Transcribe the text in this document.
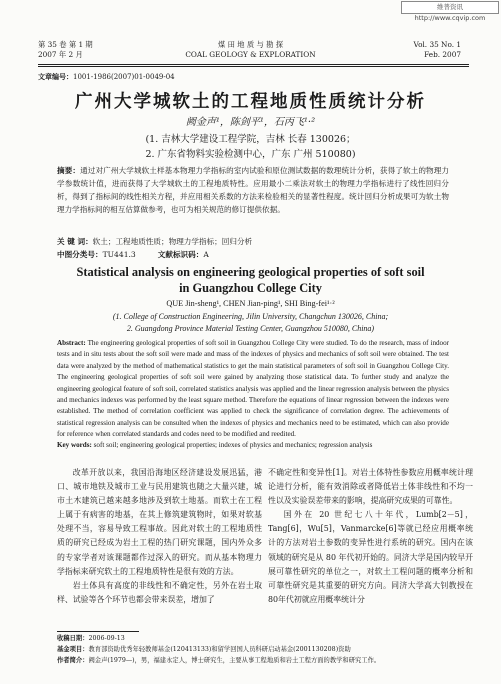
维普资讯 http://www.cqvip.com
第 35 卷 第 1 期
2007 年 2 月
煤 田 地 质 与 勘 探
COAL GEOLOGY & EXPLORATION
Vol. 35 No. 1
Feb. 2007
文章编号：1001-1986(2007)01-0049-04
广州大学城软土的工程地质性质统计分析
阙金声¹，陈剑平¹，石丙飞¹·²
(1. 吉林大学建设工程学院，吉林 长春 130026；
2. 广东省物料实验检测中心，广东 广州 510080)
摘要：通过对广州大学城软土样基本物理力学指标的室内试验和原位测试数据的数理统计分析，获得了软土的物理力学参数统计值，进而获得了大学城软土的工程地质特性。应用最小二乘法对软土的物理力学指标进行了线性回归分析，得到了指标间的线性相关方程，并应用相关系数的方法来检验相关的显著性程度。统计回归分析成果可为软土物理力学指标间的相互估算做参考，也可为相关规范的修订提供依据。
关 键 词：软土；工程地质性质；物理力学指标；回归分析
中图分类号：TU441.3	文献标识码：A
Statistical analysis on engineering geological properties of soft soil
in Guangzhou College City
QUE Jin-sheng¹, CHEN Jian-ping¹, SHI Bing-fei¹·²
(1. College of Construction Engineering, Jilin University, Changchun 130026, China;
2. Guangdong Province Material Testing Center, Guangzhou 510080, China)
Abstract: The engineering geological properties of soft soil in Guangzhou College City were studied. To do the research, mass of indoor tests and in situ tests about the soft soil were made and mass of the indexes of physics and mechanics of soft soil were obtained. The test data were analyzed by the method of mathematical statistics to get the main statistical parameters of soft soil in Guangzhou College City. The engineering geological properties of soft soil were gained by analyzing those statistical data. To further study and analyze the engineering geological feature of soft soil, correlated statistics analysis was applied and the linear regression analysis between the physics and mechanics indexes was performed by the least square method. Therefore the equations of linear regression between the indexes were established. The method of correlation coefficient was applied to check the significance of correlation degree. The achievements of statistical regression analysis can be consulted when the indexes of physics and mechanics need to be estimated, which can also provide for reference when correlated standards and codes need to be modified and reedited.
Key words: soft soil; engineering geological properties; indexes of physics and mechanics; regression analysis

改革开放以来，我国沿海地区经济建设发展迅猛，港口、城市地铁及城市工业与民用建筑也随之大量兴建，城市土木建筑已越来越多地涉及到软土地基。而软土在工程上属于有病害的地基，在其上修筑建筑物时，如果对软基处理不当，容易导致工程事故。因此对软土的工程地质性质的研究已经成为岩土工程的热门研究课题，国内外众多的专家学者对该课题都作过深入的研究。而从基本物理力学指标来研究软土的工程地质特性是很有效的方法。

岩土体具有高度的非线性和不确定性，另外在岩土取样、试验等各个环节也都会带来误差，增加了

不确定性和变异性[1]。对岩土体特性参数应用概率统计理论进行分析，能有效消除或者降低岩土体非线性和不均一性以及实验误差带来的影响，提高研究成果的可靠性。

国外在 20 世纪七八十年代，Lumb[2－5]，Tang[6]，Wu[5]，Vanmarcke[6]等就已经应用概率统计的方法对岩土参数的变异性进行系统的研究。国内在该领域的研究是从 80 年代初开始的。同济大学是国内较早开展可靠性研究的单位之一，对软土工程问题的概率分析和可靠性研究是其重要的研究方向。同济大学高大钊教授在80年代初就应用概率统计分

收稿日期：2006-09-13
基金项目：教育部资助优秀年轻教师基金(120413133)和留学回国人员科研启动基金(2001130208)资助
作者简介：阙金声(1979—)，男，福建永定人，博士研究生，主要从事工程地质和岩土工程方面的教学和研究工作。
